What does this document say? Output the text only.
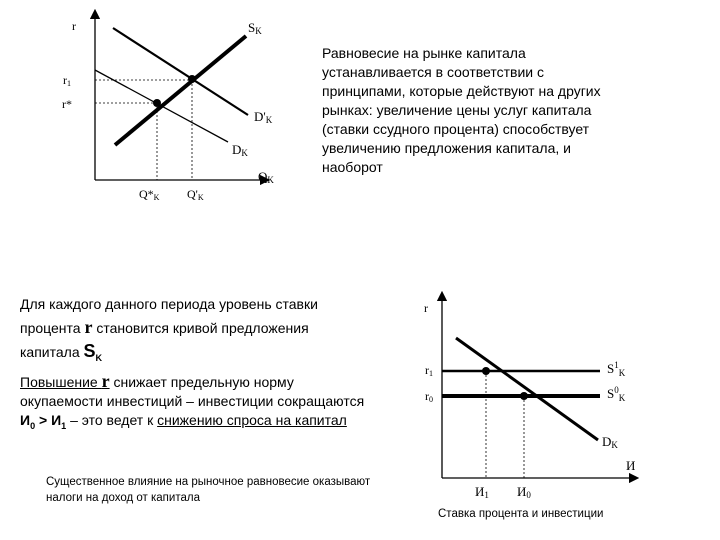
r
r1
r*
SK
D'K
DK
QK
Q*K Q'K
r
r1
r0
$S^1_K$
$S^0_K$
DK
И
И1 И0

Равновесие на рынке капитала устанавливается в соответствии с принципами, которые действуют на других рынках: увеличение цены услуг капитала (ставки ссудного процента) способствует увеличению предложения капитала, и наоборот

Для каждого данного периода уровень ставки
процента r становится кривой предложения
капитала $S_K$

Повышение r снижает предельную норму окупаемости инвестиций – инвестиции сокращаются $И_0 > И_1$ – это ведет к снижению спроса на капитал

Существенное влияние на рыночное равновесие оказывают налоги на доход от капитала

Ставка процента и инвестиции
